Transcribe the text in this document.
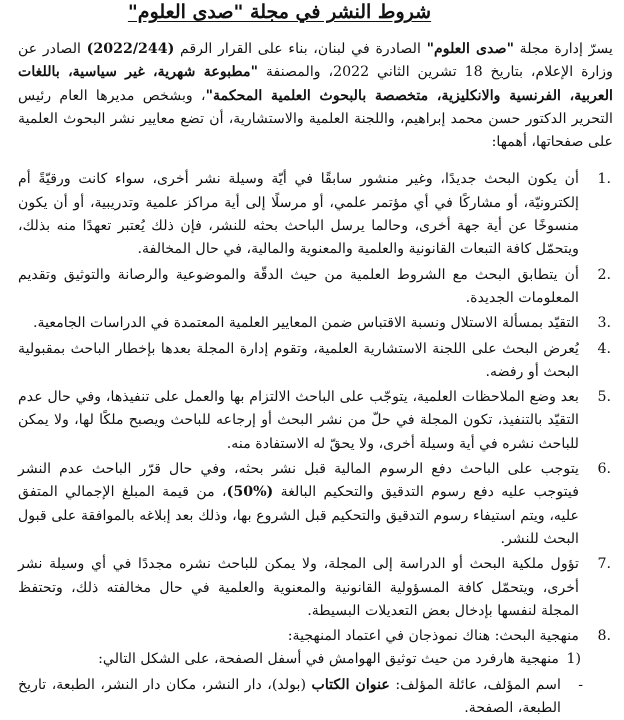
شروط النشر في مجلة "صدى العلوم"

يسرّ إدارة مجلة "صدى العلوم" الصادرة في لبنان، بناء على القرار الرقم (2022/244) الصادر عن وزارة الإعلام، بتاريخ 18 تشرين الثاني 2022، والمصنفة "مطبوعة شهرية، غير سياسية، باللغات العربية، الفرنسية والانكليزية، متخصصة بالبحوث العلمية المحكمة"، وبشخص مديرها العام رئيس التحرير الدكتور حسن محمد إبراهيم، واللجنة العلمية والاستشارية، أن تضع معايير نشر البحوث العلمية على صفحاتها، أهمها:

1.
أن يكون البحث جديدًا، وغير منشور سابقًا في أيّة وسيلة نشر أخرى، سواء كانت ورقيّةً أم إلكترونيّة، أو مشاركًا في أي مؤتمر علمي، أو مرسلًا إلى أية مراكز علمية وتدريبية، أو أن يكون منسوخًا عن أية جهة أخرى، وحالما يرسل الباحث بحثه للنشر، فإن ذلك يُعتبر تعهدًا منه بذلك، ويتحمّل كافة التبعات القانونية والعلمية والمعنوية والمالية، في حال المخالفة.
2.
أن يتطابق البحث مع الشروط العلمية من حيث الدقّة والموضوعية والرصانة والتوثيق وتقديم المعلومات الجديدة.
3.
التقيّد بمسألة الاستلال ونسبة الاقتباس ضمن المعايير العلمية المعتمدة في الدراسات الجامعية.
4.
يُعرض البحث على اللجنة الاستشارية العلمية، وتقوم إدارة المجلة بعدها بإخطار الباحث بمقبولية البحث أو رفضه.
5.
بعد وضع الملاحظات العلمية، يتوجّب على الباحث الالتزام بها والعمل على تنفيذها، وفي حال عدم التقيّد بالتنفيذ، تكون المجلة في حلّ من نشر البحث أو إرجاعه للباحث ويصبح ملكًا لها، ولا يمكن للباحث نشره في أية وسيلة أخرى، ولا يحقّ له الاستفادة منه.
6.
يتوجب على الباحث دفع الرسوم المالية قبل نشر بحثه، وفي حال قرّر الباحث عدم النشر فيتوجب عليه دفع رسوم التدقيق والتحكيم البالغة (%50)، من قيمة المبلغ الإجمالي المتفق عليه، ويتم استيفاء رسوم التدقيق والتحكيم قبل الشروع بها، وذلك بعد إبلاغه بالموافقة على قبول البحث للنشر.
7.
تؤول ملكية البحث أو الدراسة إلى المجلة، ولا يمكن للباحث نشره مجددًا في أي وسيلة نشر أخرى، ويتحمّل كافة المسؤولية القانونية والمعنوية والعلمية في حال مخالفته ذلك، وتحتفظ المجلة لنفسها بإدخال بعض التعديلات البسيطة.
8.
منهجية البحث: هناك نموذجان في اعتماد المنهجية:
1)
منهجية هارفرد من حيث توثيق الهوامش في أسفل الصفحة، على الشكل التالي:
-
اسم المؤلف، عائلة المؤلف: عنوان الكتاب (بولد)، دار النشر، مكان دار النشر، الطبعة، تاريخ الطبعة، الصفحة.
